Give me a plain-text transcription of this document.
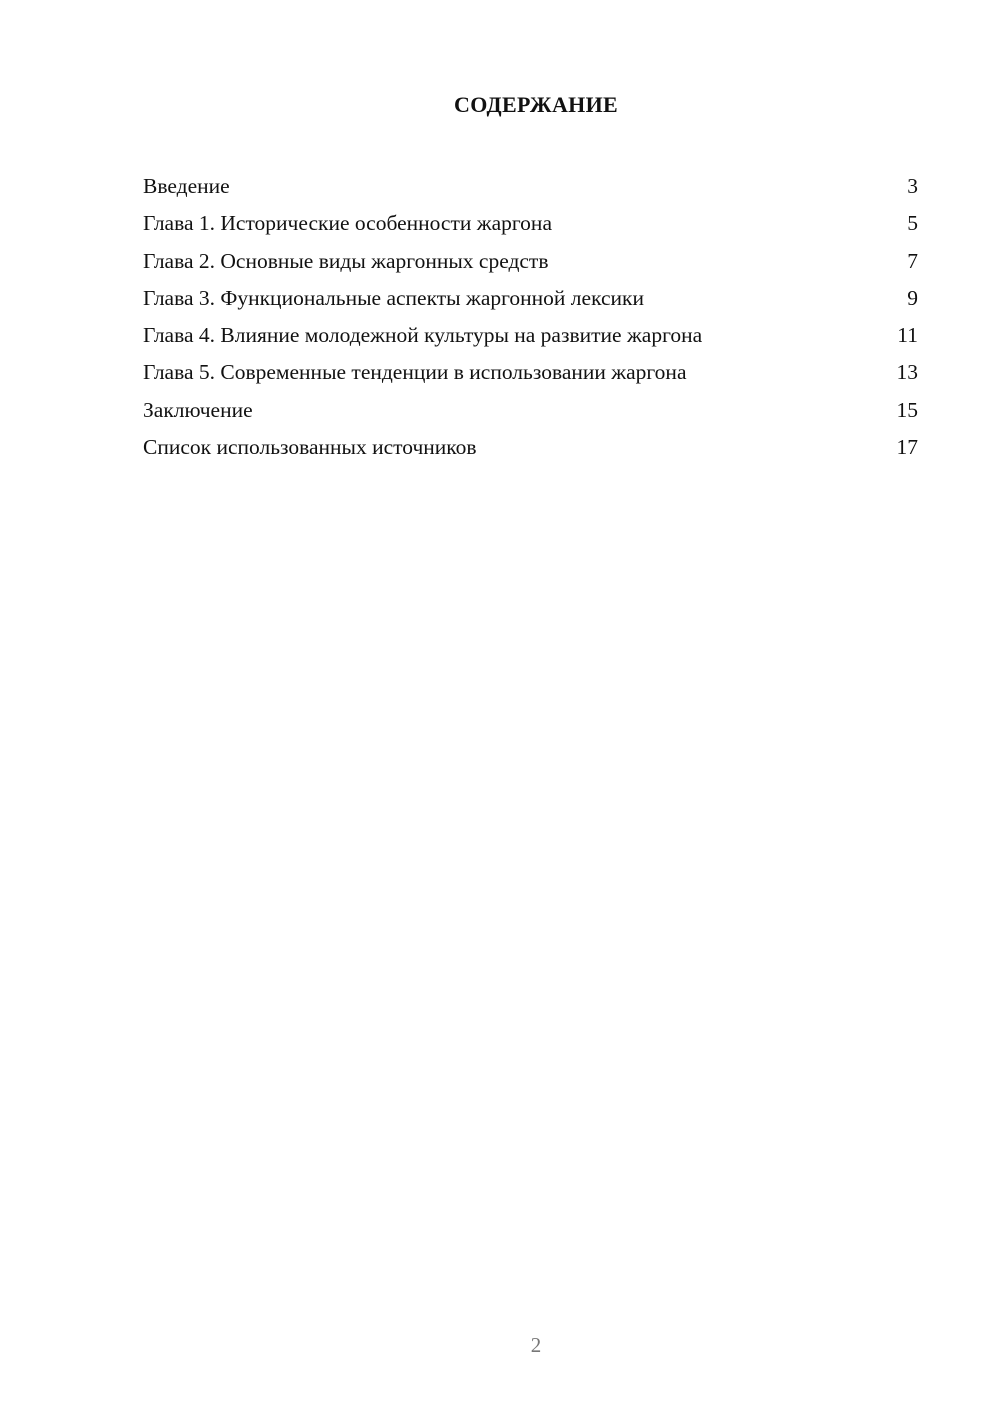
СОДЕРЖАНИЕ
Введение	3
Глава 1. Исторические особенности жаргона	5
Глава 2. Основные виды жаргонных средств	7
Глава 3. Функциональные аспекты жаргонной лексики	9
Глава 4. Влияние молодежной культуры на развитие жаргона	11
Глава 5. Современные тенденции в использовании жаргона	13
Заключение	15
Список использованных источников	17
2
